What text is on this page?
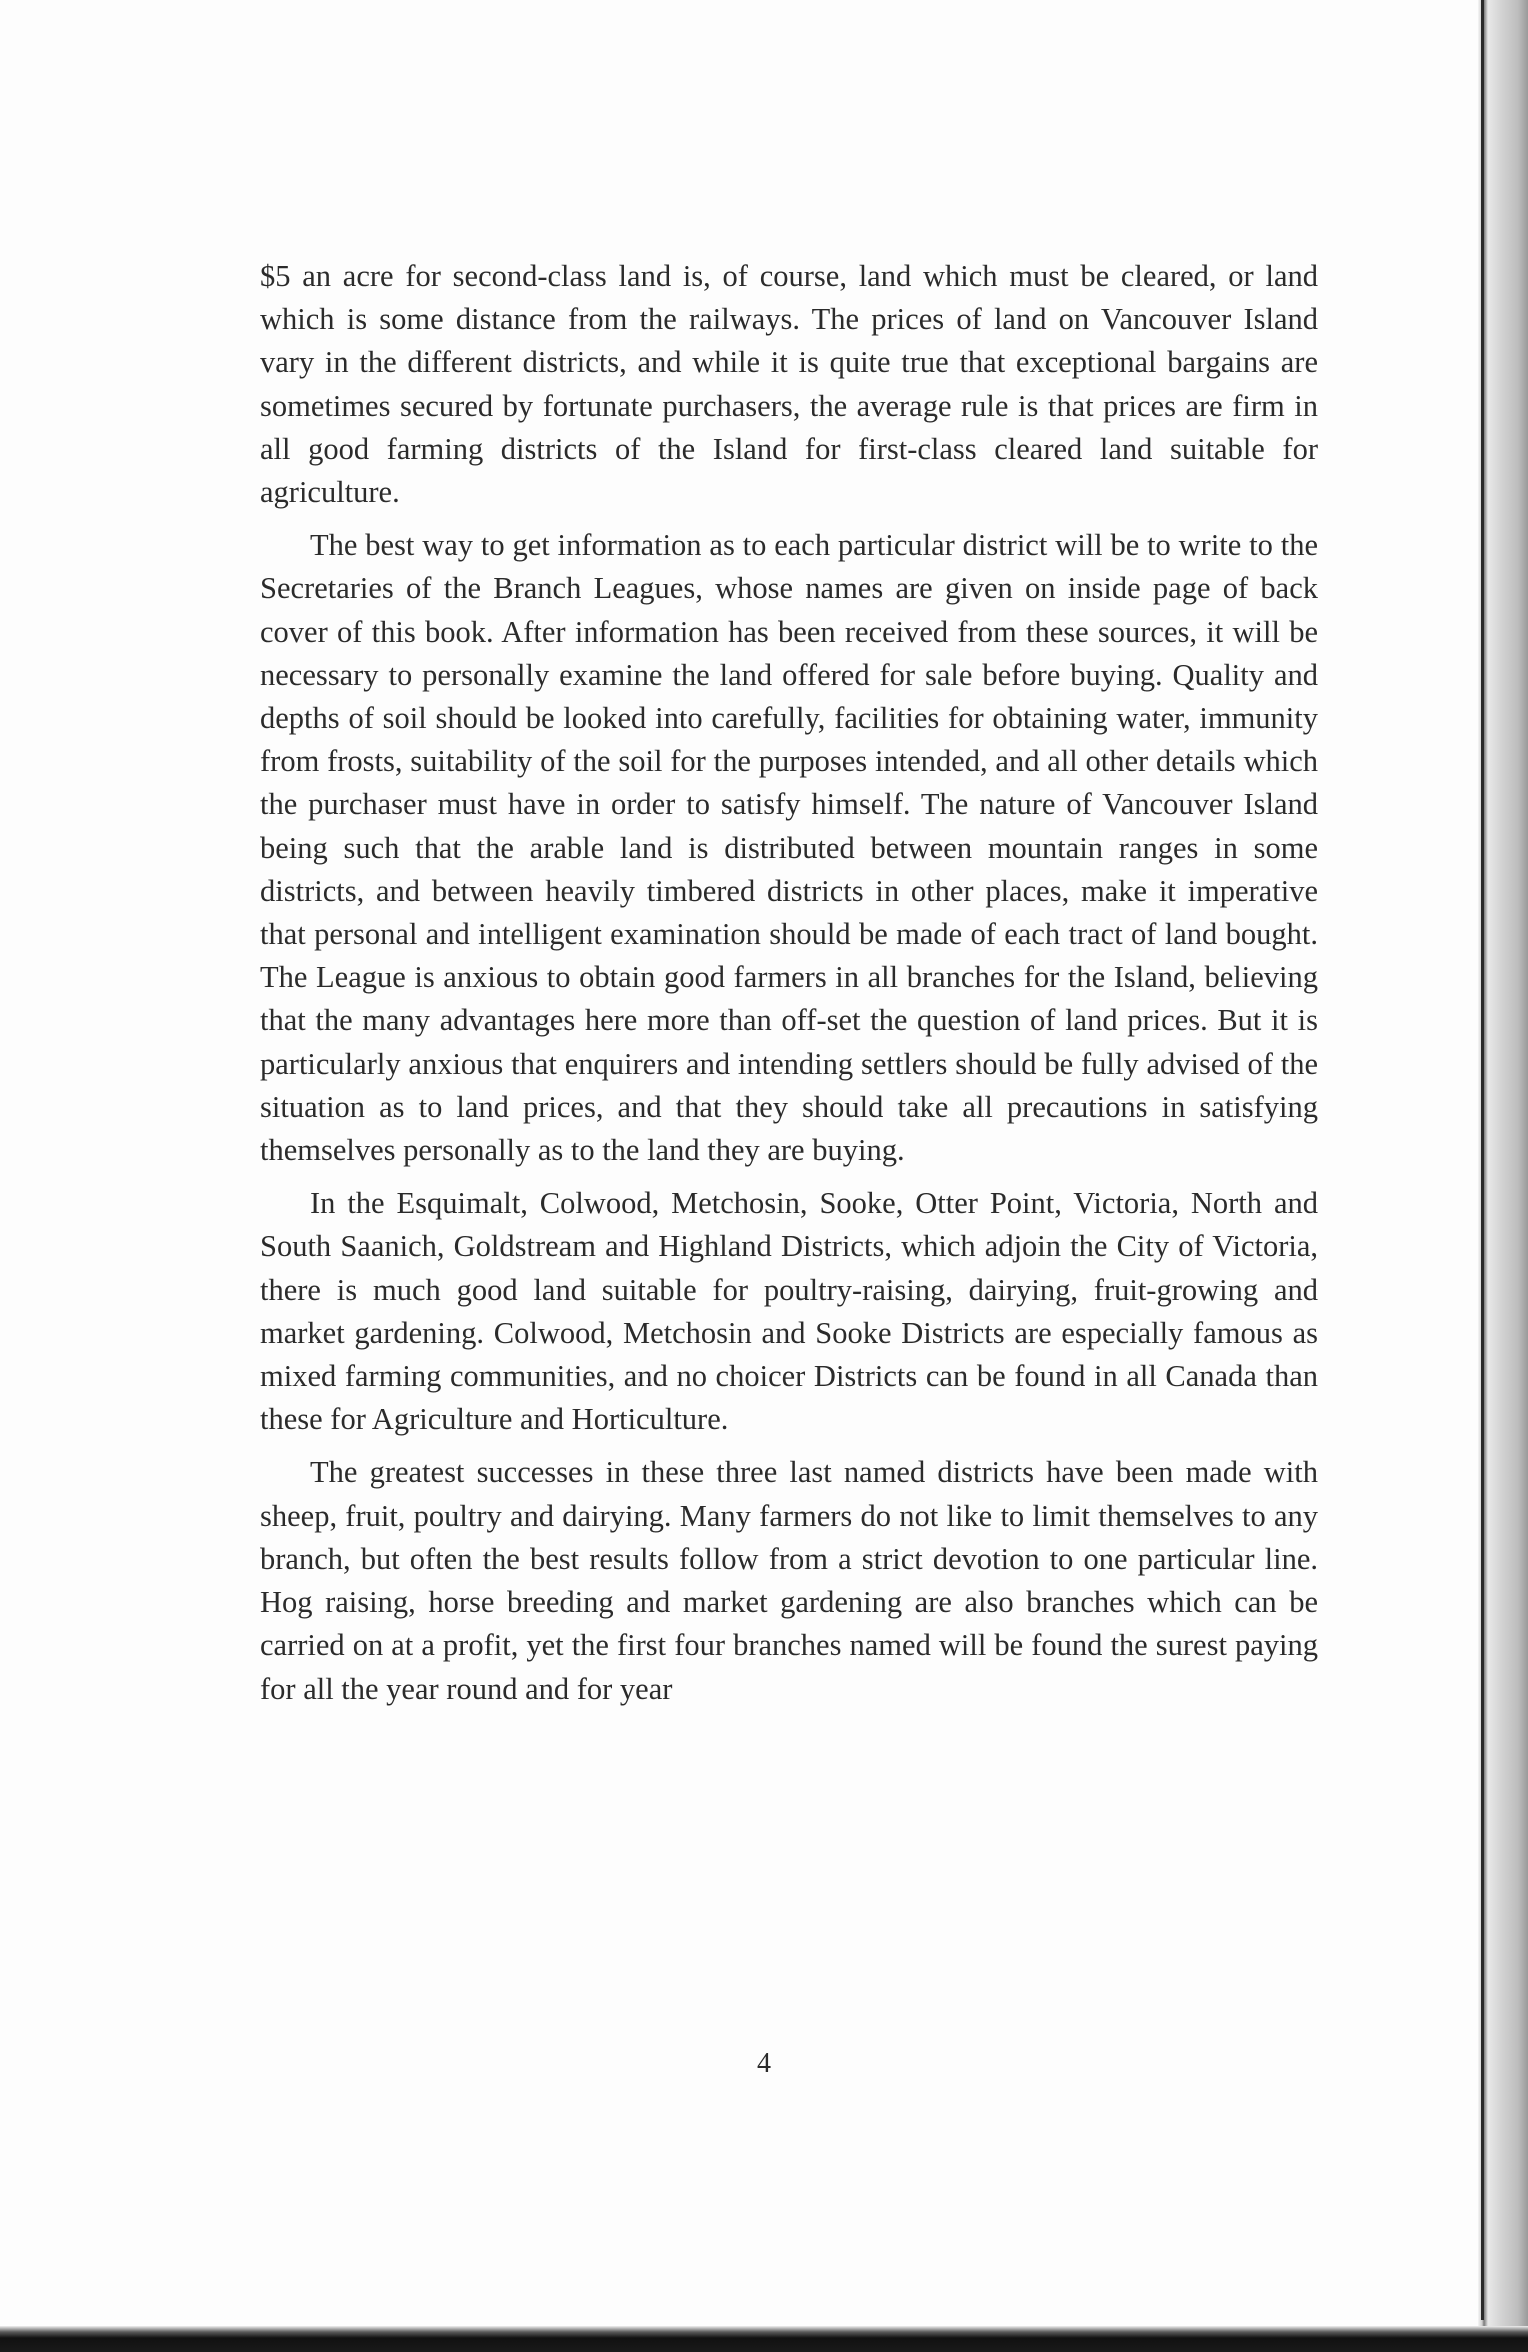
$5 an acre for second-class land is, of course, land which must be cleared, or land which is some distance from the railways. The prices of land on Vancouver Island vary in the different districts, and while it is quite true that exceptional bargains are sometimes secured by fortunate purchasers, the average rule is that prices are firm in all good farming districts of the Island for first-class cleared land suitable for agriculture.

The best way to get information as to each particular district will be to write to the Secretaries of the Branch Leagues, whose names are given on inside page of back cover of this book. After information has been received from these sources, it will be necessary to personally examine the land offered for sale before buying. Quality and depths of soil should be looked into carefully, facilities for obtaining water, immunity from frosts, suitability of the soil for the purposes intended, and all other details which the purchaser must have in order to satisfy himself. The nature of Vancouver Island being such that the arable land is distributed between mountain ranges in some districts, and between heavily timbered districts in other places, make it imperative that personal and intelligent examination should be made of each tract of land bought. The League is anxious to obtain good farmers in all branches for the Island, believing that the many advantages here more than off-set the question of land prices. But it is particularly anxious that enquirers and intending settlers should be fully advised of the situation as to land prices, and that they should take all precautions in satisfying themselves personally as to the land they are buying.

In the Esquimalt, Colwood, Metchosin, Sooke, Otter Point, Victoria, North and South Saanich, Goldstream and Highland Districts, which adjoin the City of Victoria, there is much good land suitable for poultry-raising, dairying, fruit-growing and market gardening. Colwood, Metchosin and Sooke Districts are especially famous as mixed farming communities, and no choicer Districts can be found in all Canada than these for Agriculture and Horticulture.

The greatest successes in these three last named districts have been made with sheep, fruit, poultry and dairying. Many farmers do not like to limit themselves to any branch, but often the best results follow from a strict devotion to one particular line. Hog raising, horse breeding and market gardening are also branches which can be carried on at a profit, yet the first four branches named will be found the surest paying for all the year round and for year

4
